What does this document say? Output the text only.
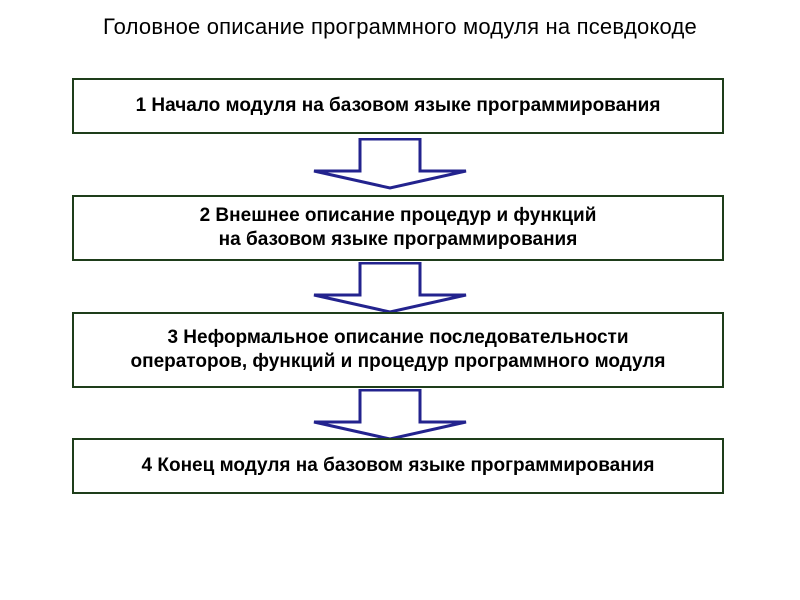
Головное описание программного модуля на псевдокоде
1 Начало модуля на базовом языке программирования
2 Внешнее описание процедур и функций
на базовом языке программирования
3 Неформальное описание последовательности
операторов, функций и процедур программного модуля
4 Конец модуля на базовом языке программирования
